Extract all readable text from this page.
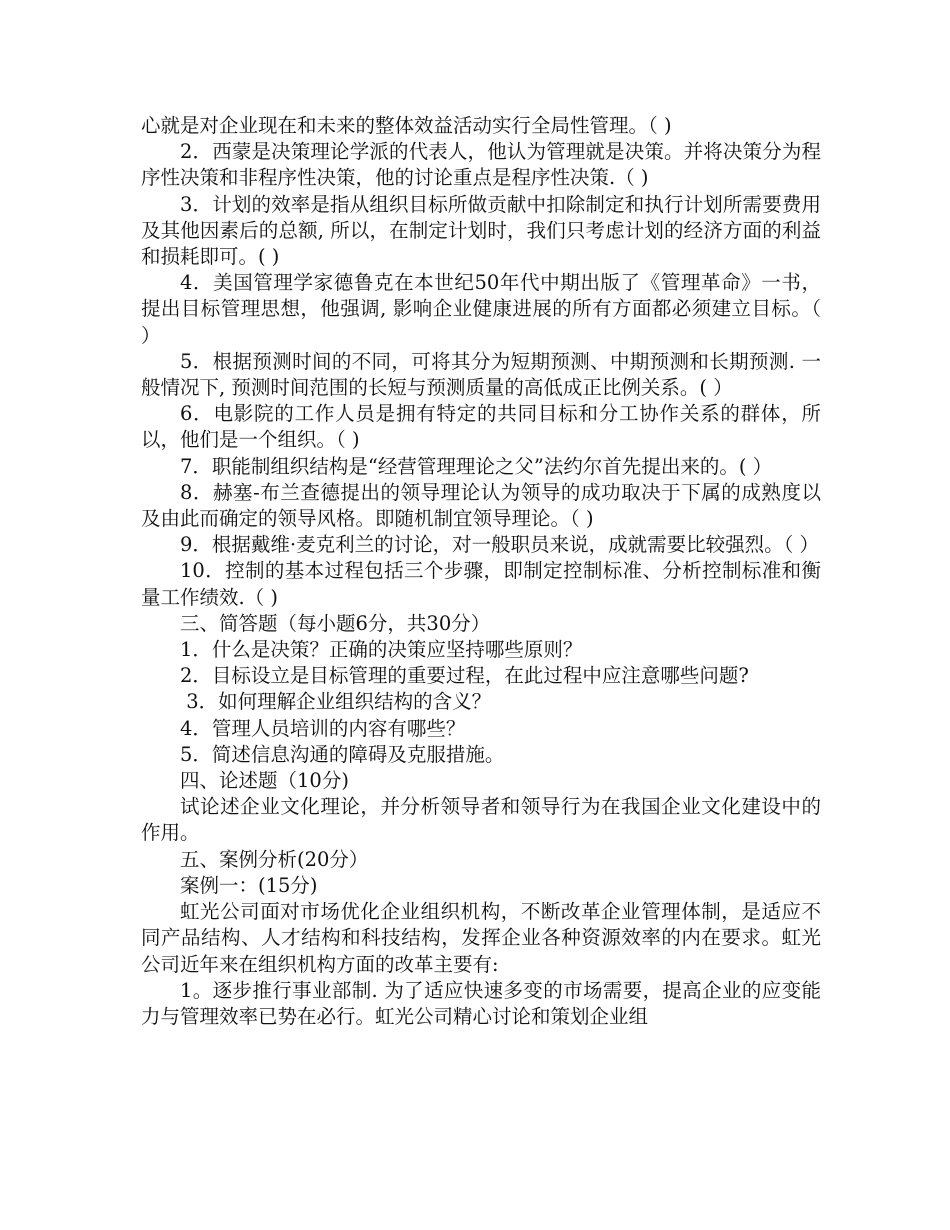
心就是对企业现在和未来的整体效益活动实行全局性管理。（ )

2．西蒙是决策理论学派的代表人，他认为管理就是决策。并将决策分为程序性决策和非程序性决策，他的讨论重点是程序性决策.（ )

3．计划的效率是指从组织目标所做贡献中扣除制定和执行计划所需要费用及其他因素后的总额, 所以，在制定计划时，我们只考虑计划的经济方面的利益和损耗即可。( )

4．美国管理学家德鲁克在本世纪50年代中期出版了《管理革命》一书，提出目标管理思想，他强调, 影响企业健康进展的所有方面都必须建立目标。（ ）

5．根据预测时间的不同，可将其分为短期预测、中期预测和长期预测. 一般情况下, 预测时间范围的长短与预测质量的高低成正比例关系。( ）

6．电影院的工作人员是拥有特定的共同目标和分工协作关系的群体，所以，他们是一个组织。（ )

7．职能制组织结构是“经营管理理论之父”法约尔首先提出来的。( ）

8．赫塞-布兰查德提出的领导理论认为领导的成功取决于下属的成熟度以及由此而确定的领导风格。即随机制宜领导理论。（ )

9．根据戴维·麦克利兰的讨论，对一般职员来说，成就需要比较强烈。（ ）

10．控制的基本过程包括三个步骤，即制定控制标准、分析控制标准和衡量工作绩效.（ )

三、简答题（每小题6分，共30分）

1．什么是决策？正确的决策应坚持哪些原则？

2．目标设立是目标管理的重要过程，在此过程中应注意哪些问题?

3．如何理解企业组织结构的含义？

4．管理人员培训的内容有哪些？

5．简述信息沟通的障碍及克服措施。

四、论述题（10分)

试论述企业文化理论，并分析领导者和领导行为在我国企业文化建设中的作用。

五、案例分析(20分）

案例一：(15分)

虹光公司面对市场优化企业组织机构，不断改革企业管理体制，是适应不同产品结构、人才结构和科技结构，发挥企业各种资源效率的内在要求。虹光公司近年来在组织机构方面的改革主要有:

1。逐步推行事业部制. 为了适应快速多变的市场需要，提高企业的应变能力与管理效率已势在必行。虹光公司精心讨论和策划企业组
